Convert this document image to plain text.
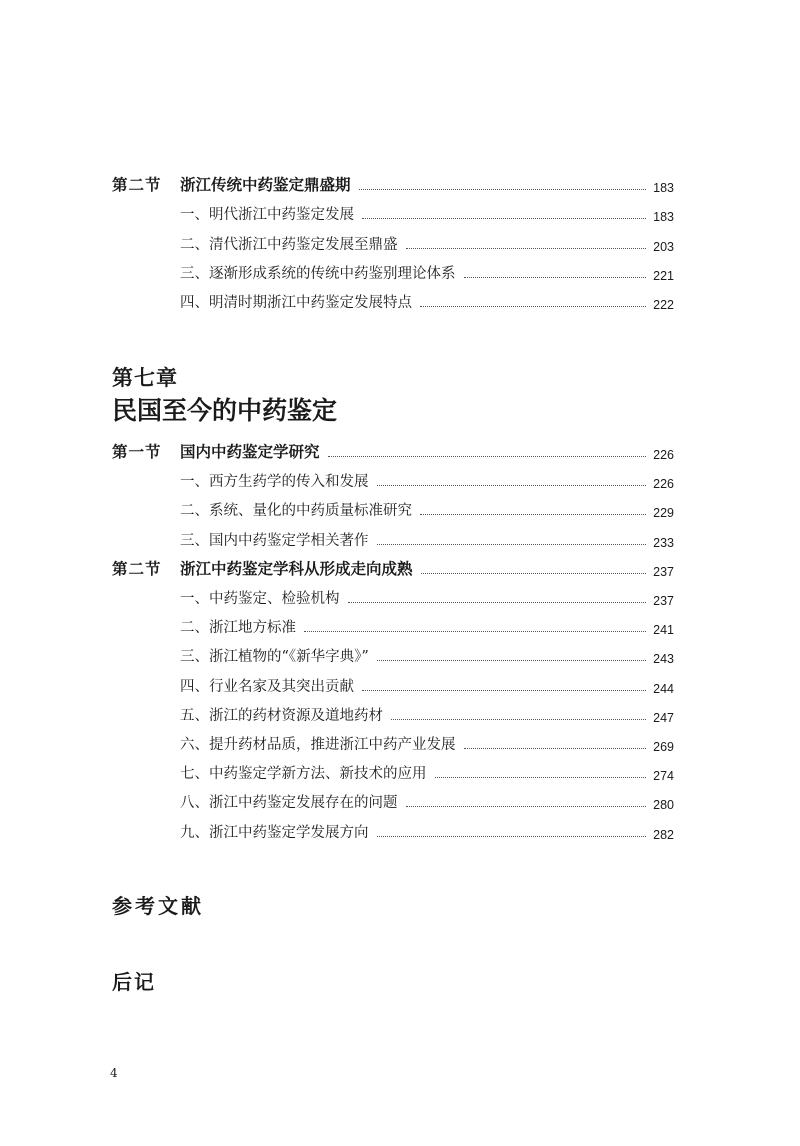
第二节 浙江传统中药鉴定鼎盛期	183
一、明代浙江中药鉴定发展	183
二、清代浙江中药鉴定发展至鼎盛	203
三、逐渐形成系统的传统中药鉴别理论体系	221
四、明清时期浙江中药鉴定发展特点	222
第七章
民国至今的中药鉴定
第一节 国内中药鉴定学研究	226
一、西方生药学的传入和发展	226
二、系统、量化的中药质量标准研究	229
三、国内中药鉴定学相关著作	233
第二节 浙江中药鉴定学科从形成走向成熟	237
一、中药鉴定、检验机构	237
二、浙江地方标准	241
三、浙江植物的“《新华字典》”	243
四、行业名家及其突出贡献	244
五、浙江的药材资源及道地药材	247
六、提升药材品质，推进浙江中药产业发展	269
七、中药鉴定学新方法、新技术的应用	274
八、浙江中药鉴定发展存在的问题	280
九、浙江中药鉴定学发展方向	282
参考文献
后记
4
